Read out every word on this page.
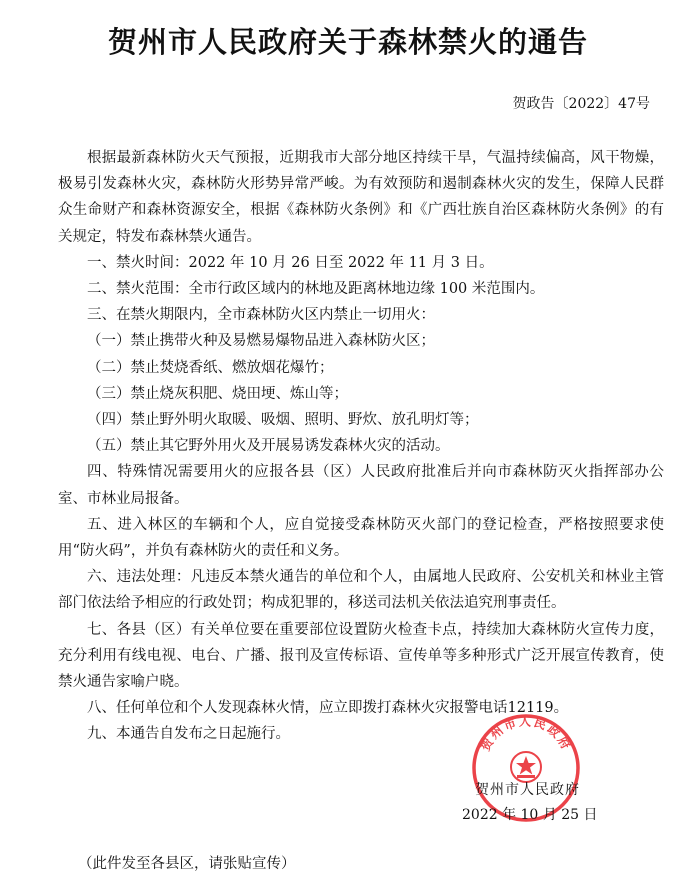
贺州市人民政府关于森林禁火的通告
贺政告〔2022〕47号

根据最新森林防火天气预报，近期我市大部分地区持续干旱，气温持续偏高，风干物燥，极易引发森林火灾，森林防火形势异常严峻。为有效预防和遏制森林火灾的发生，保障人民群众生命财产和森林资源安全，根据《森林防火条例》和《广西壮族自治区森林防火条例》的有关规定，特发布森林禁火通告。

一、禁火时间：2022 年 10 月 26 日至 2022 年 11 月 3 日。

二、禁火范围：全市行政区域内的林地及距离林地边缘 100 米范围内。

三、在禁火期限内，全市森林防火区内禁止一切用火：

（一）禁止携带火种及易燃易爆物品进入森林防火区；

（二）禁止焚烧香纸、燃放烟花爆竹；

（三）禁止烧灰积肥、烧田埂、炼山等；

（四）禁止野外明火取暖、吸烟、照明、野炊、放孔明灯等；

（五）禁止其它野外用火及开展易诱发森林火灾的活动。

四、特殊情况需要用火的应报各县（区）人民政府批准后并向市森林防灭火指挥部办公室、市林业局报备。

五、进入林区的车辆和个人，应自觉接受森林防灭火部门的登记检查，严格按照要求使用“防火码”，并负有森林防火的责任和义务。

六、违法处理：凡违反本禁火通告的单位和个人，由属地人民政府、公安机关和林业主管部门依法给予相应的行政处罚；构成犯罪的，移送司法机关依法追究刑事责任。

七、各县（区）有关单位要在重要部位设置防火检查卡点，持续加大森林防火宣传力度，充分利用有线电视、电台、广播、报刊及宣传标语、宣传单等多种形式广泛开展宣传教育，使禁火通告家喻户晓。

八、任何单位和个人发现森林火情，应立即拨打森林火灾报警电话12119。

九、本通告自发布之日起施行。	贺州市人民政府
贺州市人民政府
2022 年 10 月 25 日
（此件发至各县区，请张贴宣传）
